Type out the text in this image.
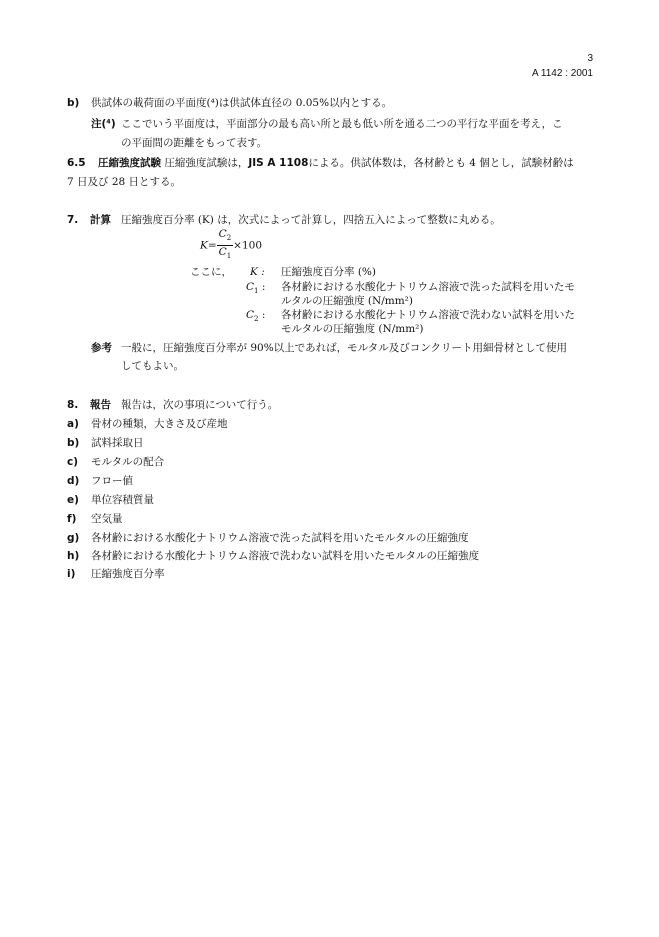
3
A 1142 : 2001
b) 供試体の載荷面の平面度(⁴)は供試体直径の 0.05%以内とする。
注(⁴) ここでいう平面度は，平面部分の最も高い所と最も低い所を通る二つの平行な平面を考え，こ
の平面間の距離をもって表す。
6.5 圧縮強度試験 圧縮強度試験は，JIS A 1108による。供試体数は，各材齢とも 4 個とし，試験材齢は
7 日及び 28 日とする。
7. 計算 圧縮強度百分率 (K) は，次式によって計算し，四捨五入によって整数に丸める。
$K= \frac{C_2}{C_1} \times 100$
ここに， K : 圧縮強度百分率 (%)
$C_1$ : 各材齢における水酸化ナトリウム溶液で洗った試料を用いたモ
ルタルの圧縮強度 (N/mm²)
$C_2$ : 各材齢における水酸化ナトリウム溶液で洗わない試料を用いた
モルタルの圧縮強度 (N/mm²)
参考 一般に，圧縮強度百分率が 90%以上であれば，モルタル及びコンクリート用細骨材として使用
してもよい。
8. 報告 報告は，次の事項について行う。
a) 骨材の種類，大きさ及び産地
b) 試料採取日
c) モルタルの配合
d) フロー値
e) 単位容積質量
f) 空気量
g) 各材齢における水酸化ナトリウム溶液で洗った試料を用いたモルタルの圧縮強度
h) 各材齢における水酸化ナトリウム溶液で洗わない試料を用いたモルタルの圧縮強度
i) 圧縮強度百分率
